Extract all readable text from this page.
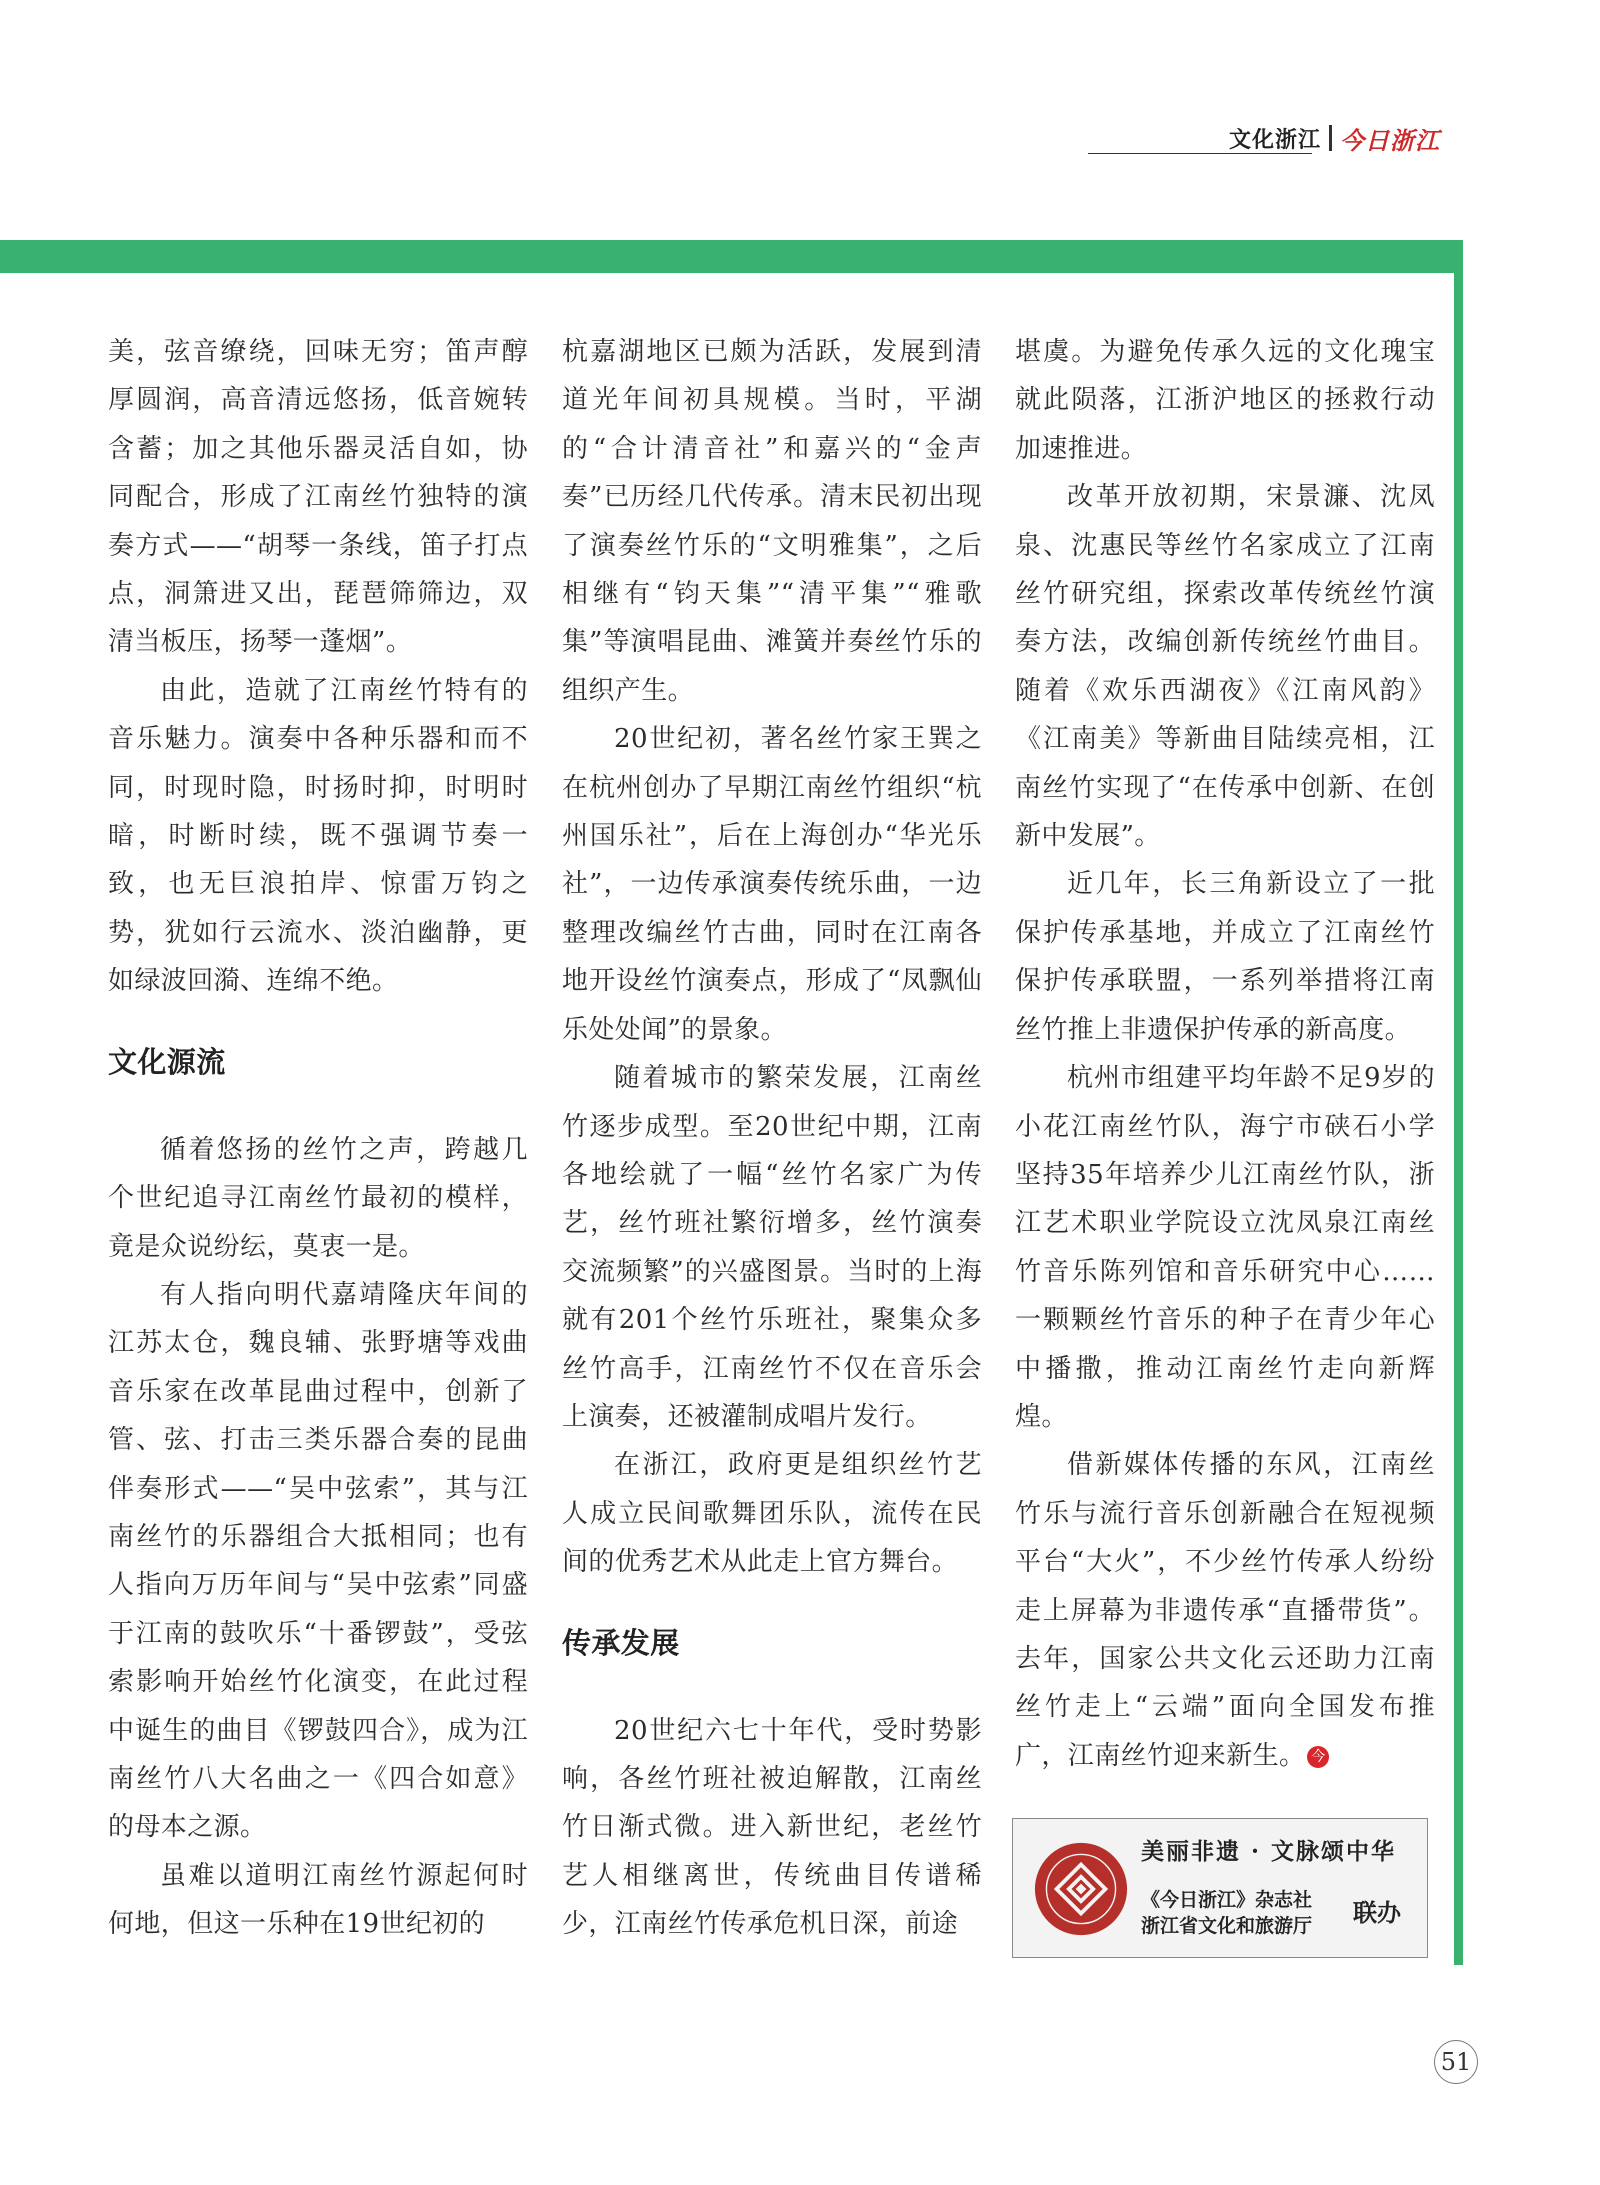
文化浙江 今日浙江

美，弦音缭绕，回味无穷；笛声醇厚圆润，高音清远悠扬，低音婉转含蓄；加之其他乐器灵活自如，协同配合，形成了江南丝竹独特的演奏方式——“胡琴一条线，笛子打点点，洞箫进又出，琵琶筛筛边，双清当板压，扬琴一蓬烟”。

由此，造就了江南丝竹特有的音乐魅力。演奏中各种乐器和而不同，时现时隐，时扬时抑，时明时暗，时断时续，既不强调节奏一致，也无巨浪拍岸、惊雷万钧之势，犹如行云流水、淡泊幽静，更如绿波回漪、连绵不绝。

文化源流

循着悠扬的丝竹之声，跨越几个世纪追寻江南丝竹最初的模样，竟是众说纷纭，莫衷一是。

有人指向明代嘉靖隆庆年间的江苏太仓，魏良辅、张野塘等戏曲音乐家在改革昆曲过程中，创新了管、弦、打击三类乐器合奏的昆曲伴奏形式——“吴中弦索”，其与江南丝竹的乐器组合大抵相同；也有人指向万历年间与“吴中弦索”同盛于江南的鼓吹乐“十番锣鼓”，受弦索影响开始丝竹化演变，在此过程中诞生的曲目《锣鼓四合》，成为江南丝竹八大名曲之一《四合如意》的母本之源。

虽难以道明江南丝竹源起何时何地，但这一乐种在19世纪初的

杭嘉湖地区已颇为活跃，发展到清道光年间初具规模。当时，平湖的“合计清音社”和嘉兴的“金声奏”已历经几代传承。清末民初出现了演奏丝竹乐的“文明雅集”，之后相继有“钧天集”“清平集”“雅歌集”等演唱昆曲、滩簧并奏丝竹乐的组织产生。

20世纪初，著名丝竹家王巽之在杭州创办了早期江南丝竹组织“杭州国乐社”，后在上海创办“华光乐社”，一边传承演奏传统乐曲，一边整理改编丝竹古曲，同时在江南各地开设丝竹演奏点，形成了“凤飘仙乐处处闻”的景象。

随着城市的繁荣发展，江南丝竹逐步成型。至20世纪中期，江南各地绘就了一幅“丝竹名家广为传艺，丝竹班社繁衍增多，丝竹演奏交流频繁”的兴盛图景。当时的上海就有201个丝竹乐班社，聚集众多丝竹高手，江南丝竹不仅在音乐会上演奏，还被灌制成唱片发行。

在浙江，政府更是组织丝竹艺人成立民间歌舞团乐队，流传在民间的优秀艺术从此走上官方舞台。

传承发展

20世纪六七十年代，受时势影响，各丝竹班社被迫解散，江南丝竹日渐式微。进入新世纪，老丝竹艺人相继离世，传统曲目传谱稀少，江南丝竹传承危机日深，前途

堪虞。为避免传承久远的文化瑰宝就此陨落，江浙沪地区的拯救行动加速推进。

改革开放初期，宋景濂、沈凤泉、沈惠民等丝竹名家成立了江南丝竹研究组，探索改革传统丝竹演奏方法，改编创新传统丝竹曲目。随着《欢乐西湖夜》《江南风韵》《江南美》等新曲目陆续亮相，江南丝竹实现了“在传承中创新、在创新中发展”。

近几年，长三角新设立了一批保护传承基地，并成立了江南丝竹保护传承联盟，一系列举措将江南丝竹推上非遗保护传承的新高度。

杭州市组建平均年龄不足9岁的小花江南丝竹队，海宁市硖石小学坚持35年培养少儿江南丝竹队，浙江艺术职业学院设立沈凤泉江南丝竹音乐陈列馆和音乐研究中心……一颗颗丝竹音乐的种子在青少年心中播撒，推动江南丝竹走向新辉煌。

借新媒体传播的东风，江南丝竹乐与流行音乐创新融合在短视频平台“大火”，不少丝竹传承人纷纷走上屏幕为非遗传承“直播带货”。去年，国家公共文化云还助力江南丝竹走上“云端”面向全国发布推广，江南丝竹迎来新生。 今

美丽非遗 · 文脉颂中华
《今日浙江》杂志社
浙江省文化和旅游厅 联办
51
